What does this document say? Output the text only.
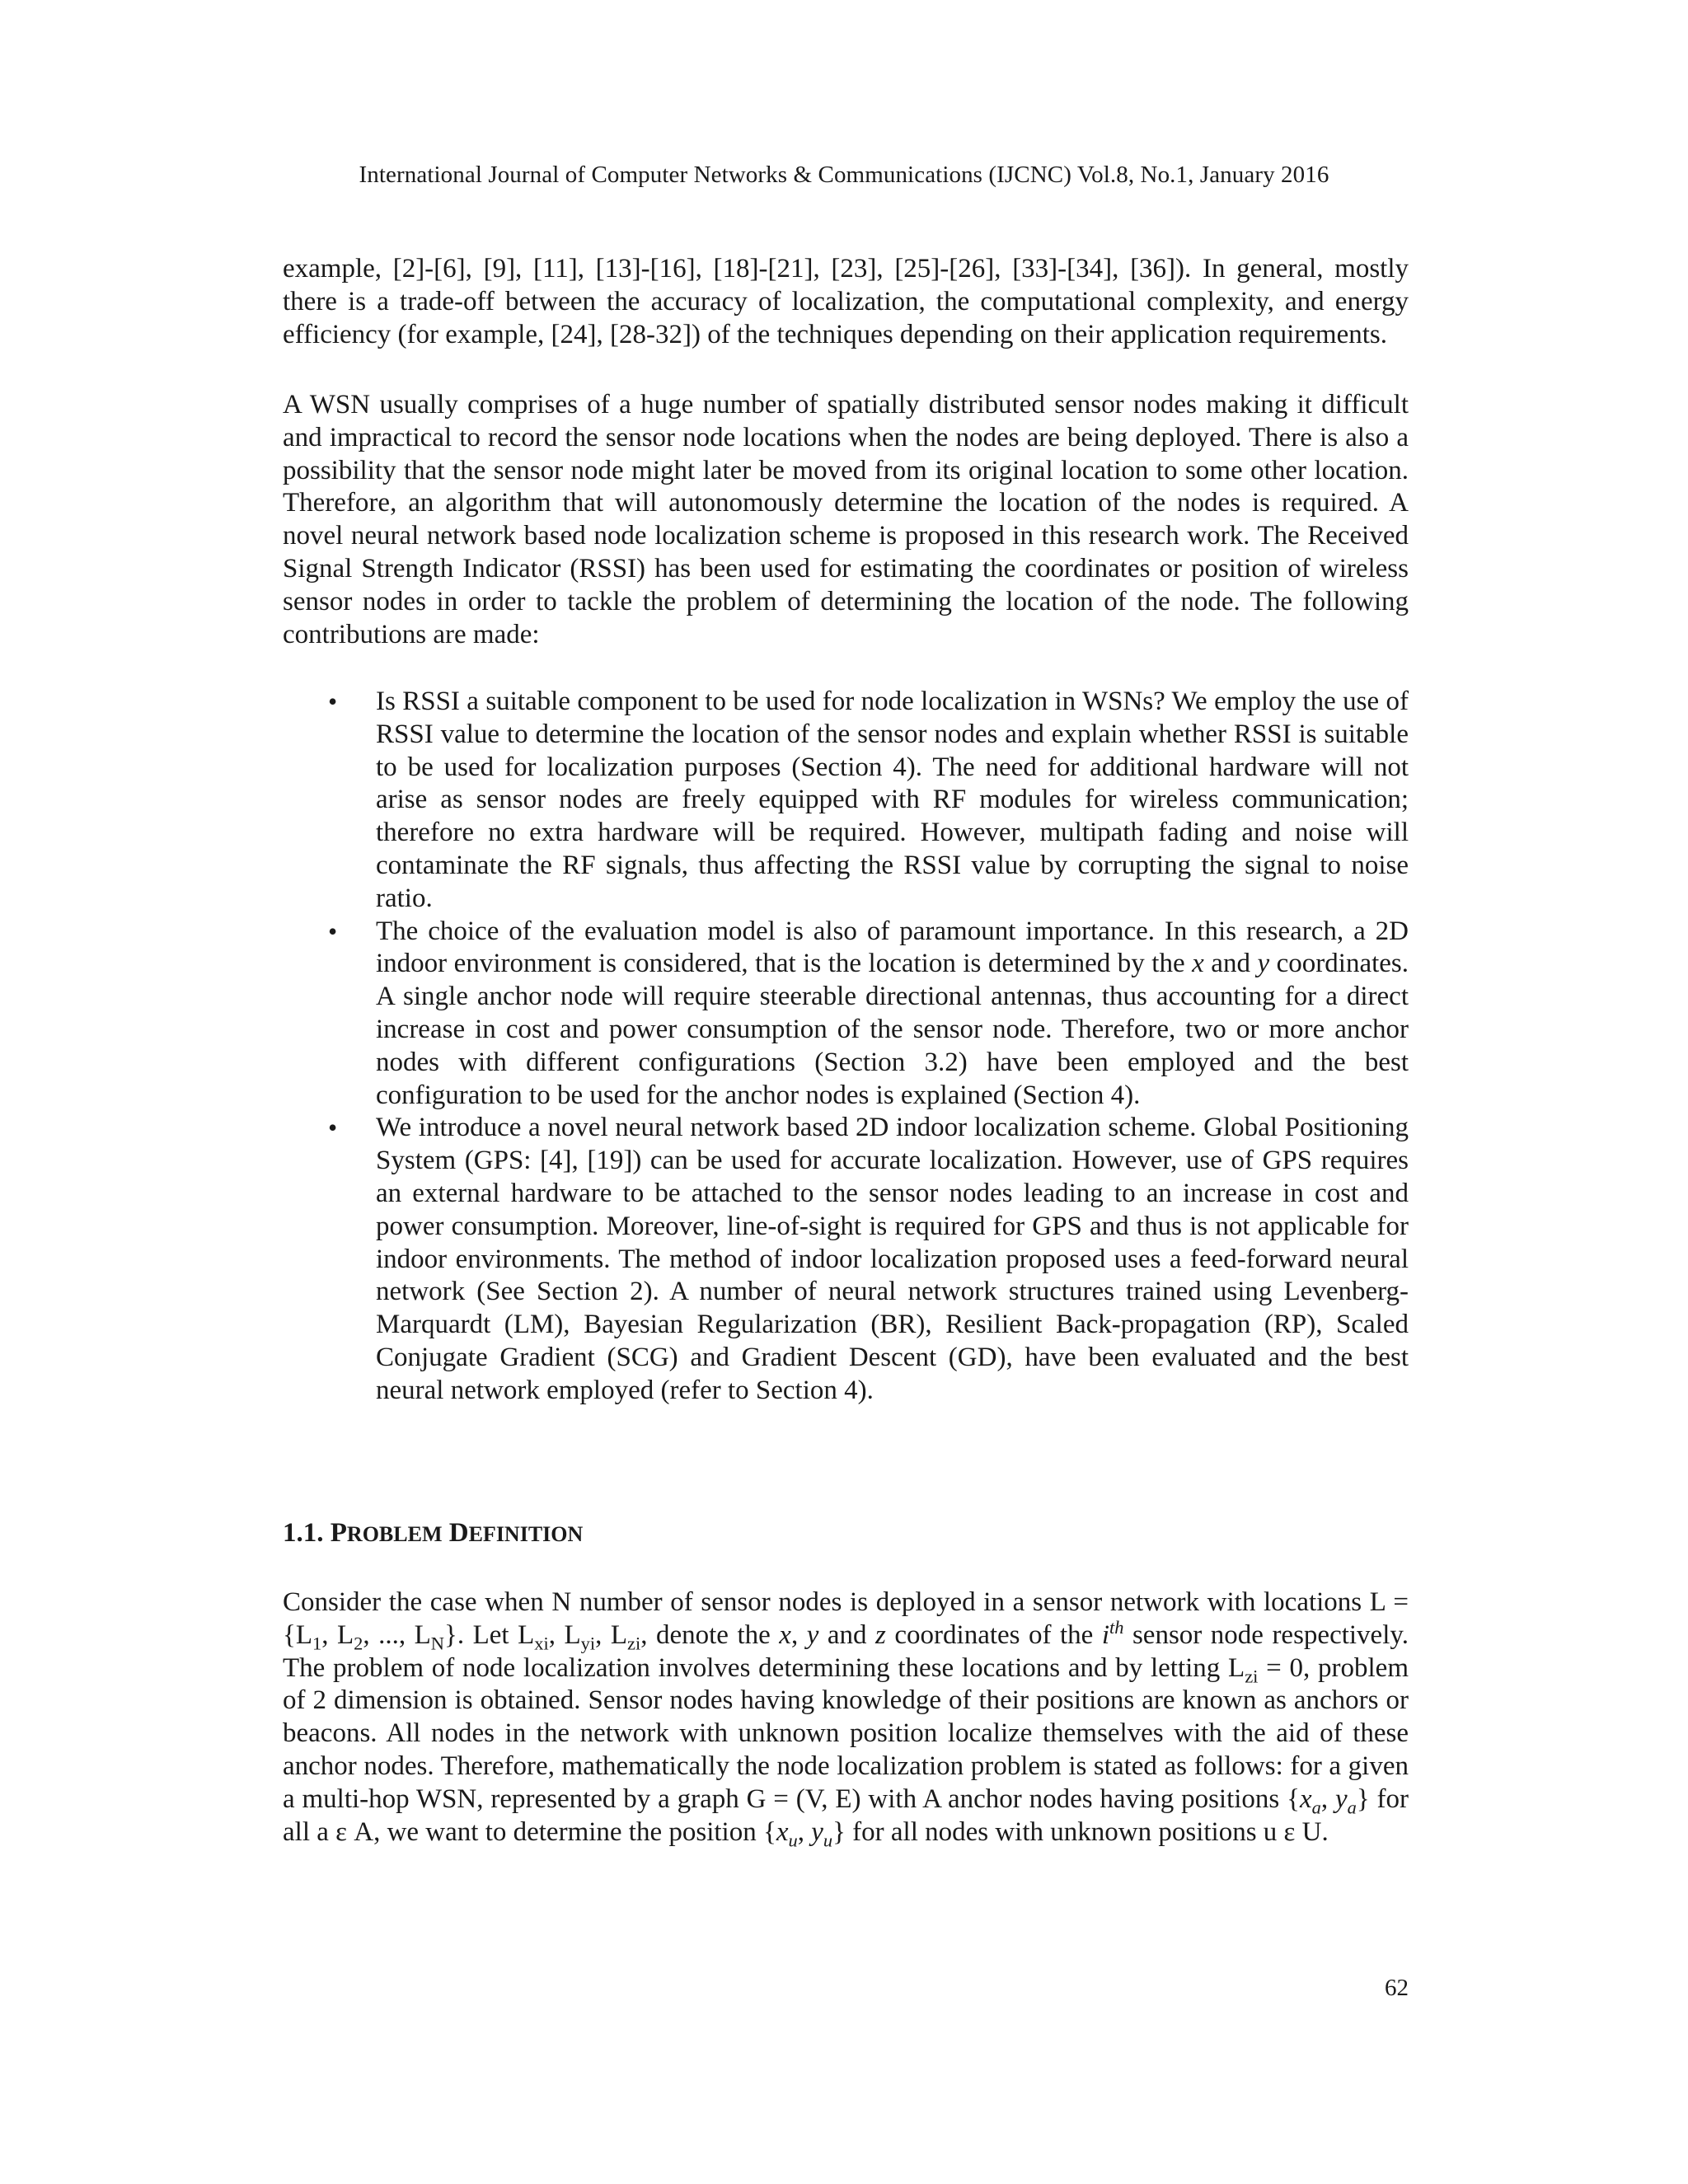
International Journal of Computer Networks & Communications (IJCNC) Vol.8, No.1, January 2016

example, [2]-[6], [9], [11], [13]-[16], [18]-[21], [23], [25]-[26], [33]-[34], [36]). In general, mostly there is a trade-off between the accuracy of localization, the computational complexity, and energy efficiency (for example, [24], [28-32]) of the techniques depending on their application requirements.

A WSN usually comprises of a huge number of spatially distributed sensor nodes making it difficult and impractical to record the sensor node locations when the nodes are being deployed. There is also a possibility that the sensor node might later be moved from its original location to some other location. Therefore, an algorithm that will autonomously determine the location of the nodes is required. A novel neural network based node localization scheme is proposed in this research work. The Received Signal Strength Indicator (RSSI) has been used for estimating the coordinates or position of wireless sensor nodes in order to tackle the problem of determining the location of the node. The following contributions are made:

• Is RSSI a suitable component to be used for node localization in WSNs? We employ the use of RSSI value to determine the location of the sensor nodes and explain whether RSSI is suitable to be used for localization purposes (Section 4). The need for additional hardware will not arise as sensor nodes are freely equipped with RF modules for wireless communication; therefore no extra hardware will be required. However, multipath fading and noise will contaminate the RF signals, thus affecting the RSSI value by corrupting the signal to noise ratio.
• The choice of the evaluation model is also of paramount importance. In this research, a 2D indoor environment is considered, that is the location is determined by the x and y coordinates. A single anchor node will require steerable directional antennas, thus accounting for a direct increase in cost and power consumption of the sensor node. Therefore, two or more anchor nodes with different configurations (Section 3.2) have been employed and the best configuration to be used for the anchor nodes is explained (Section 4).
• We introduce a novel neural network based 2D indoor localization scheme. Global Positioning System (GPS: [4], [19]) can be used for accurate localization. However, use of GPS requires an external hardware to be attached to the sensor nodes leading to an increase in cost and power consumption. Moreover, line-of-sight is required for GPS and thus is not applicable for indoor environments. The method of indoor localization proposed uses a feed-forward neural network (See Section 2). A number of neural network structures trained using Levenberg-Marquardt (LM), Bayesian Regularization (BR), Resilient Back-propagation (RP), Scaled Conjugate Gradient (SCG) and Gradient Descent (GD), have been evaluated and the best neural network employed (refer to Section 4).
1.1. PROBLEM DEFINITION

Consider the case when N number of sensor nodes is deployed in a sensor network with locations $L = \{L_1$, $L_2$, ..., $L_N$}. Let $L_{xi}$, $L_{yi}$, $L_{zi}$, denote the x, y and z coordinates of the $i^{th}$ sensor node respectively. The problem of node localization involves determining these locations and by letting $L_{zi} = 0$, problem of 2 dimension is obtained. Sensor nodes having knowledge of their positions are known as anchors or beacons. All nodes in the network with unknown position localize themselves with the aid of these anchor nodes. Therefore, mathematically the node localization problem is stated as follows: for a given a multi-hop WSN, represented by a graph G = (V, E) with A anchor nodes having positions {$x_a$, $y_a$} for all a ε A, we want to determine the position {$x_u$, $y_u$} for all nodes with unknown positions u ε U.

62
